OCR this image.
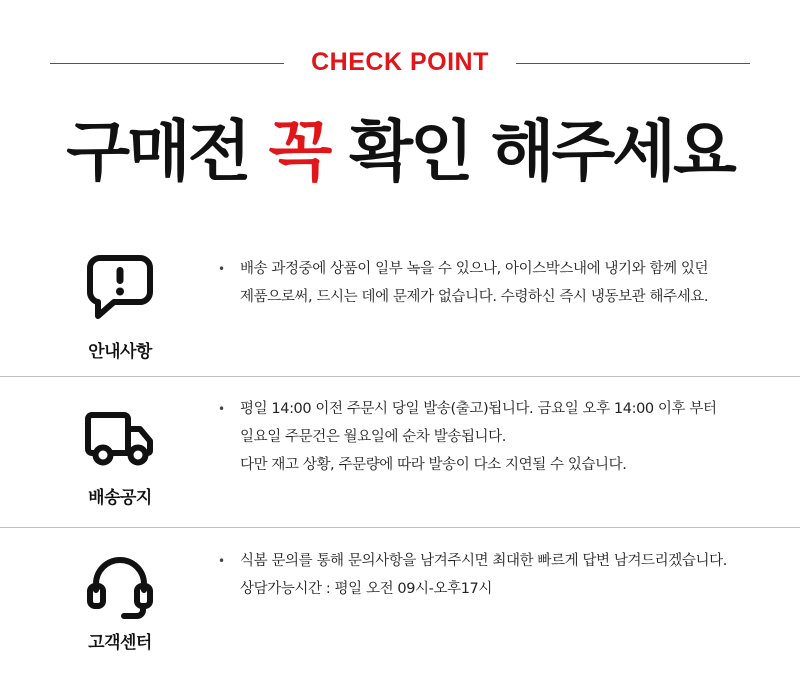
CHECK POINT
구매전 꼭 확인 해주세요
안내사항
• 배송 과정중에 상품이 일부 녹을 수 있으나, 아이스박스내에 냉기와 함께 있던
제품으로써, 드시는 데에 문제가 없습니다. 수령하신 즉시 냉동보관 해주세요.
배송공지
• 평일 14:00 이전 주문시 당일 발송(출고)됩니다. 금요일 오후 14:00 이후 부터
일요일 주문건은 월요일에 순차 발송됩니다.
다만 재고 상황, 주문량에 따라 발송이 다소 지연될 수 있습니다.
고객센터
• 식봄 문의를 통해 문의사항을 남겨주시면 최대한 빠르게 답변 남겨드리겠습니다.
상담가능시간 : 평일 오전 09시-오후17시
